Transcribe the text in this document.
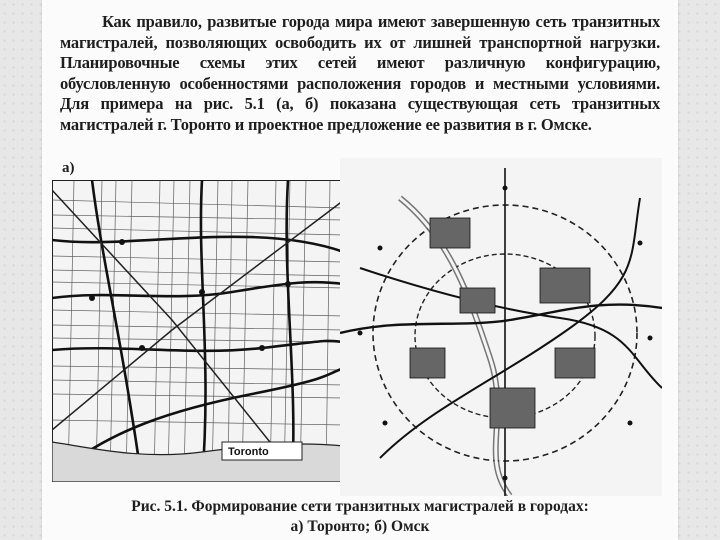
Как правило, развитые города мира имеют завершенную сеть транзитных магистралей, позволяющих освободить их от лишней транспортной нагрузки. Планировочные схемы этих сетей имеют различную конфигурацию, обусловленную особенностями расположения городов и местными условиями. Для примера на рис. 5.1 (а, б) показана существующая сеть транзитных магистралей г. Торонто и проектное предложение ее развития в г. Омске.

а)
Toronto
Рис. 5.1. Формирование сети транзитных магистралей в городах:
а) Торонто; б) Омск
